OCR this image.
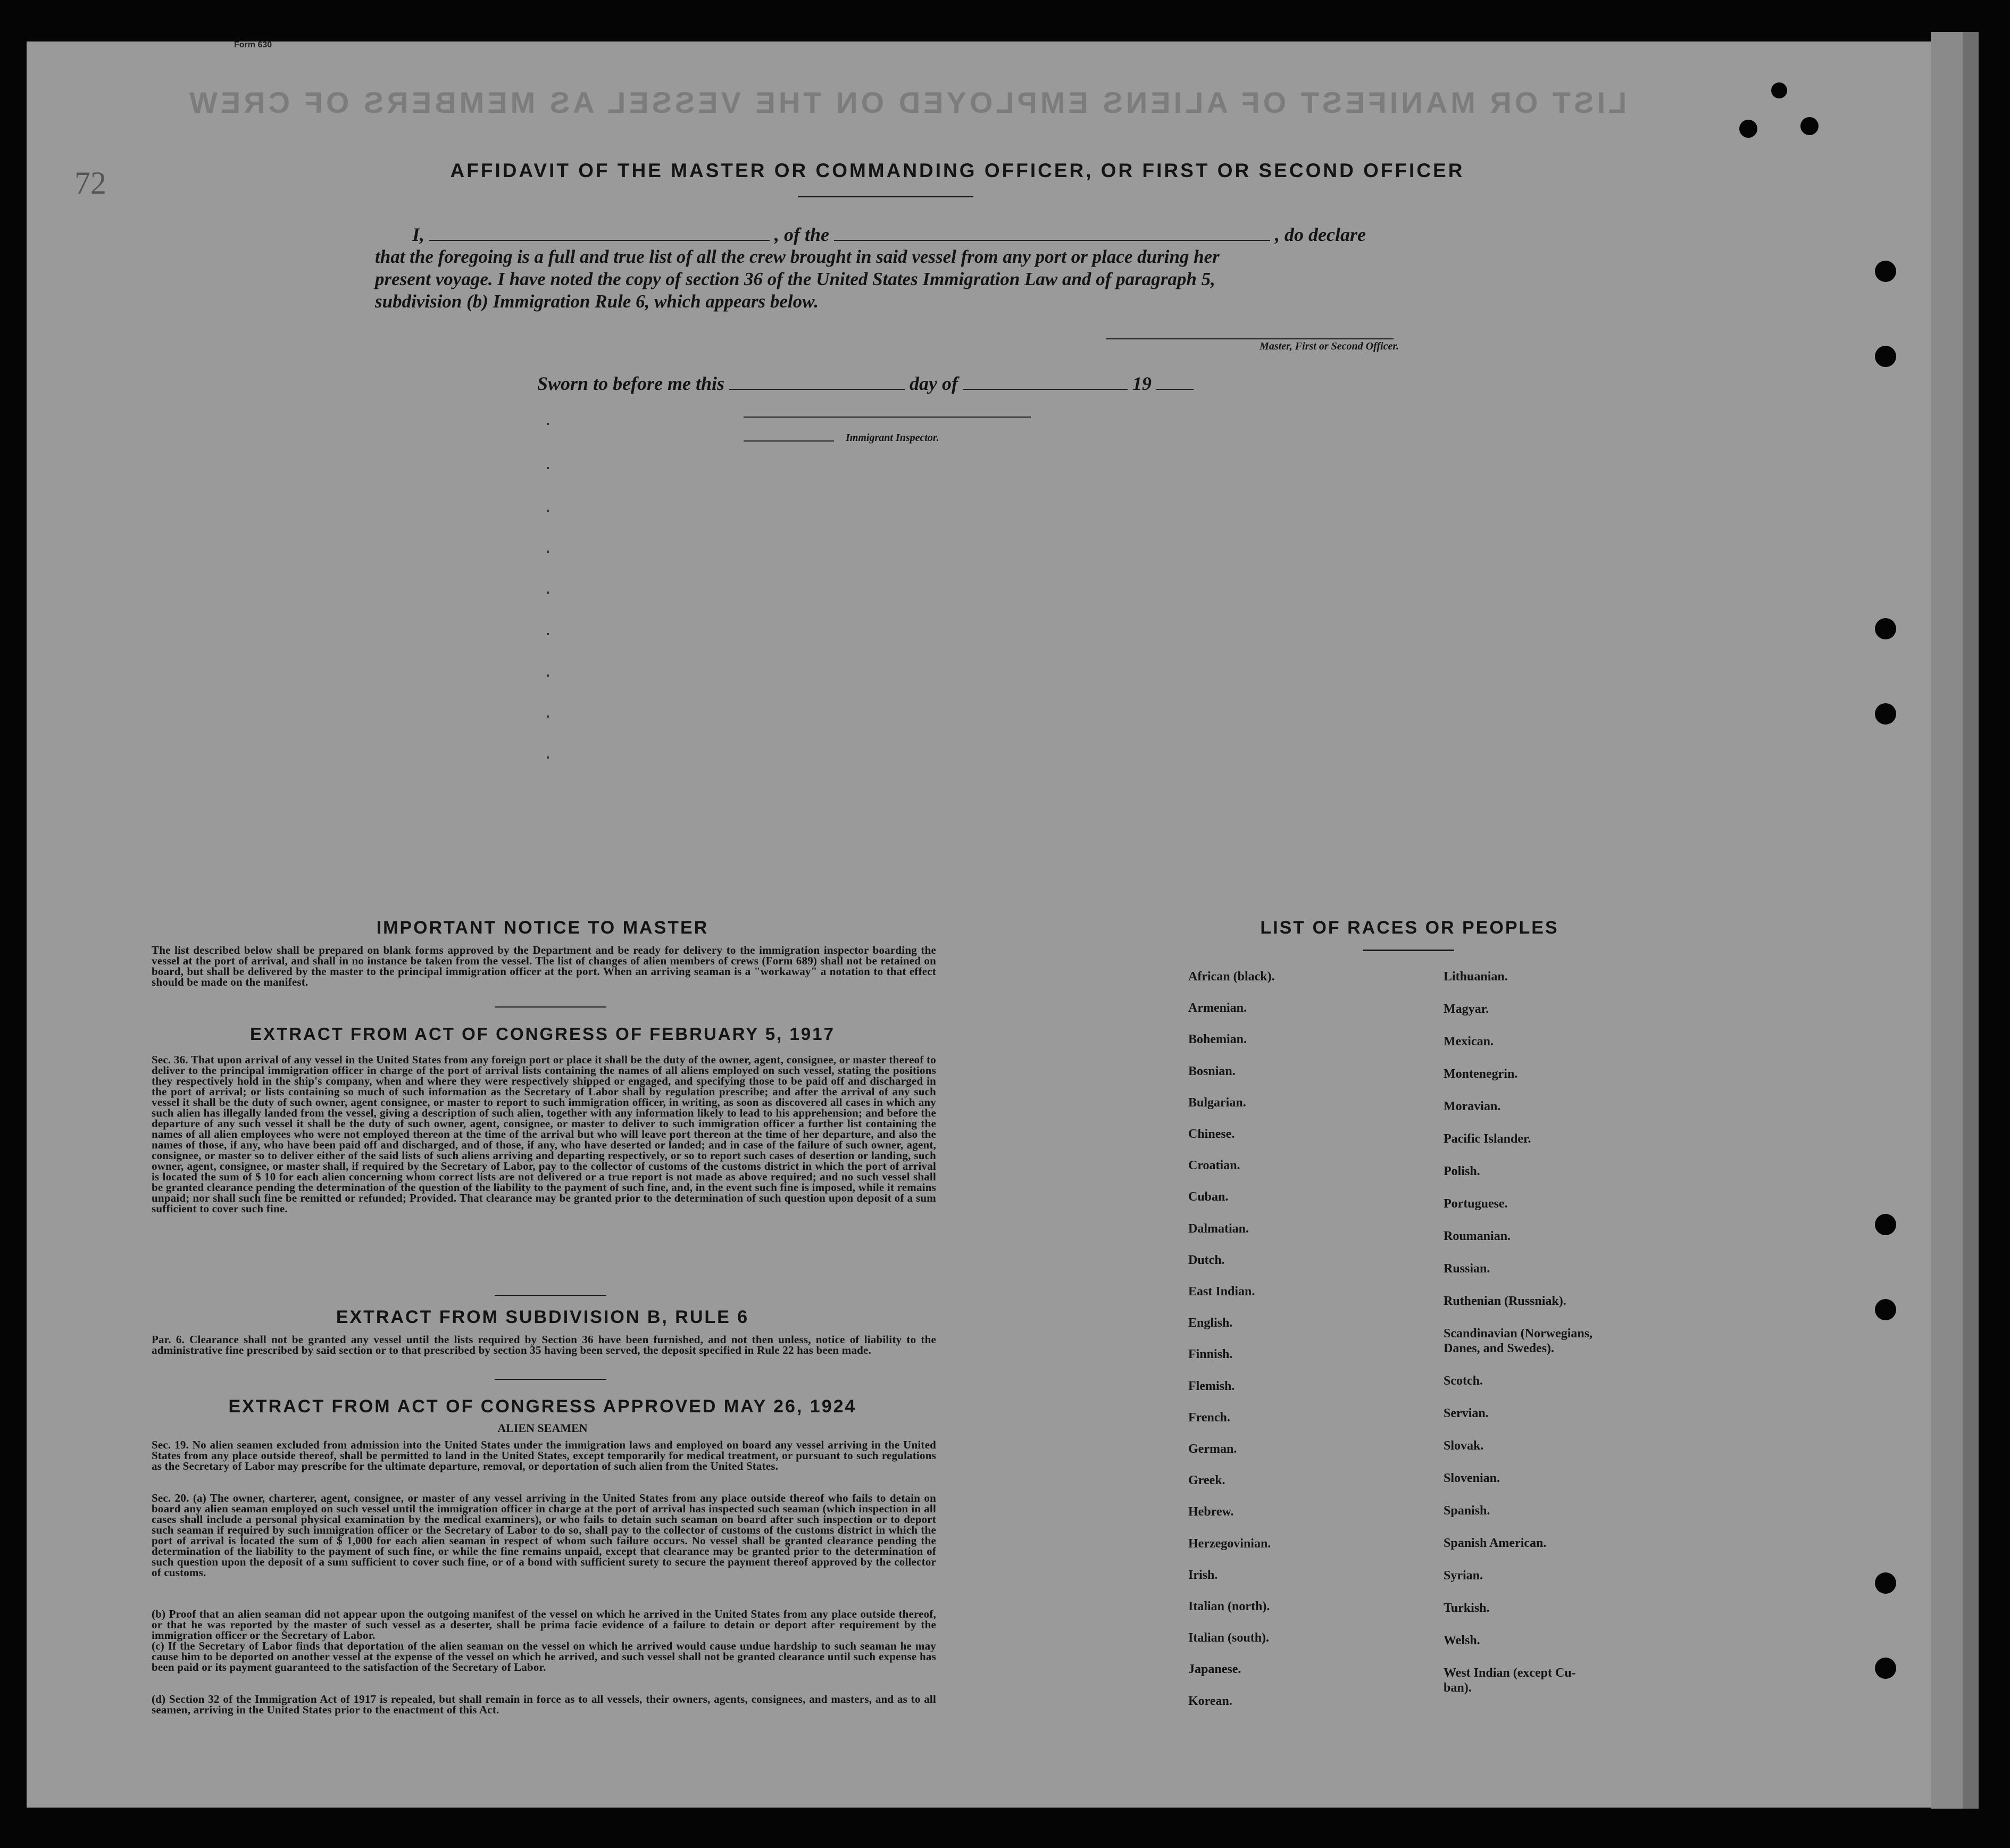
Form 630
LIST OR MANIFEST OF ALIENS EMPLOYED ON THE VESSEL AS MEMBERS OF CREW
72	AFFIDAVIT OF THE MASTER OR COMMANDING OFFICER, OR FIRST OR SECOND OFFICER
I,	, of the	, do declare
that the foregoing is a full and true list of all the crew brought in said vessel from any port or place during her
present voyage. I have noted the copy of section 36 of the United States Immigration Law and of paragraph 5,
subdivision (b) Immigration Rule 6, which appears below.
Master, First or Second Officer.
Sworn to before me this	day of	19
Immigrant Inspector.
IMPORTANT NOTICE TO MASTER
The list described below shall be prepared on blank forms approved by the Department and be ready for delivery to the immigration inspector boarding the vessel at the port of arrival, and shall in no instance be taken from the vessel. The list of changes of alien members of crews (Form 689) shall not be retained on board, but shall be delivered by the master to the principal immigration officer at the port. When an arriving seaman is a "workaway" a notation to that effect should be made on the manifest.
EXTRACT FROM ACT OF CONGRESS OF FEBRUARY 5, 1917
Sec. 36. That upon arrival of any vessel in the United States from any foreign port or place it shall be the duty of the owner, agent, consignee, or master thereof to deliver to the principal immigration officer in charge of the port of arrival lists containing the names of all aliens employed on such vessel, stating the positions they respectively hold in the ship's company, when and where they were respectively shipped or engaged, and specifying those to be paid off and discharged in the port of arrival; or lists containing so much of such information as the Secretary of Labor shall by regulation prescribe; and after the arrival of any such vessel it shall be the duty of such owner, agent consignee, or master to report to such immigration officer, in writing, as soon as discovered all cases in which any such alien has illegally landed from the vessel, giving a description of such alien, together with any information likely to lead to his apprehension; and before the departure of any such vessel it shall be the duty of such owner, agent, consignee, or master to deliver to such immigration officer a further list containing the names of all alien employees who were not employed thereon at the time of the arrival but who will leave port thereon at the time of her departure, and also the names of those, if any, who have been paid off and discharged, and of those, if any, who have deserted or landed; and in case of the failure of such owner, agent, consignee, or master so to deliver either of the said lists of such aliens arriving and departing respectively, or so to report such cases of desertion or landing, such owner, agent, consignee, or master shall, if required by the Secretary of Labor, pay to the collector of customs of the customs district in which the port of arrival is located the sum of $ 10 for each alien concerning whom correct lists are not delivered or a true report is not made as above required; and no such vessel shall be granted clearance pending the determination of the question of the liability to the payment of such fine, and, in the event such fine is imposed, while it remains unpaid; nor shall such fine be remitted or refunded; Provided. That clearance may be granted prior to the determination of such question upon deposit of a sum sufficient to cover such fine.
EXTRACT FROM SUBDIVISION B, RULE 6
Par. 6. Clearance shall not be granted any vessel until the lists required by Section 36 have been furnished, and not then unless, notice of liability to the administrative fine prescribed by said section or to that prescribed by section 35 having been served, the deposit specified in Rule 22 has been made.
EXTRACT FROM ACT OF CONGRESS APPROVED MAY 26, 1924
ALIEN SEAMEN
Sec. 19. No alien seamen excluded from admission into the United States under the immigration laws and employed on board any vessel arriving in the United States from any place outside thereof, shall be permitted to land in the United States, except temporarily for medical treatment, or pursuant to such regulations as the Secretary of Labor may prescribe for the ultimate departure, removal, or deportation of such alien from the United States.
Sec. 20. (a) The owner, charterer, agent, consignee, or master of any vessel arriving in the United States from any place outside thereof who fails to detain on board any alien seaman employed on such vessel until the immigration officer in charge at the port of arrival has inspected such seaman (which inspection in all cases shall include a personal physical examination by the medical examiners), or who fails to detain such seaman on board after such inspection or to deport such seaman if required by such immigration officer or the Secretary of Labor to do so, shall pay to the collector of customs of the customs district in which the port of arrival is located the sum of $ 1,000 for each alien seaman in respect of whom such failure occurs. No vessel shall be granted clearance pending the determination of the liability to the payment of such fine, or while the fine remains unpaid, except that clearance may be granted prior to the determination of such question upon the deposit of a sum sufficient to cover such fine, or of a bond with sufficient surety to secure the payment thereof approved by the collector of customs.
(b) Proof that an alien seaman did not appear upon the outgoing manifest of the vessel on which he arrived in the United States from any place outside thereof, or that he was reported by the master of such vessel as a deserter, shall be prima facie evidence of a failure to detain or deport after requirement by the immigration officer or the Secretary of Labor.
(c) If the Secretary of Labor finds that deportation of the alien seaman on the vessel on which he arrived would cause undue hardship to such seaman he may cause him to be deported on another vessel at the expense of the vessel on which he arrived, and such vessel shall not be granted clearance until such expense has been paid or its payment guaranteed to the satisfaction of the Secretary of Labor.
(d) Section 32 of the Immigration Act of 1917 is repealed, but shall remain in force as to all vessels, their owners, agents, consignees, and masters, and as to all seamen, arriving in the United States prior to the enactment of this Act.
LIST OF RACES OR PEOPLES
African (black).
Armenian.
Bohemian.
Bosnian.
Bulgarian.
Chinese.
Croatian.
Cuban.
Dalmatian.
Dutch.
East Indian.
English.
Finnish.
Flemish.
French.
German.
Greek.
Hebrew.
Herzegovinian.
Irish.
Italian (north).
Italian (south).
Japanese.
Korean.
Lithuanian.
Magyar.
Mexican.
Montenegrin.
Moravian.
Pacific Islander.
Polish.
Portuguese.
Roumanian.
Russian.
Ruthenian (Russniak).
Scandinavian (Norwegians,
Danes, and Swedes).
Scotch.
Servian.
Slovak.
Slovenian.
Spanish.
Spanish American.
Syrian.
Turkish.
Welsh.
West Indian (except Cu-
ban).
